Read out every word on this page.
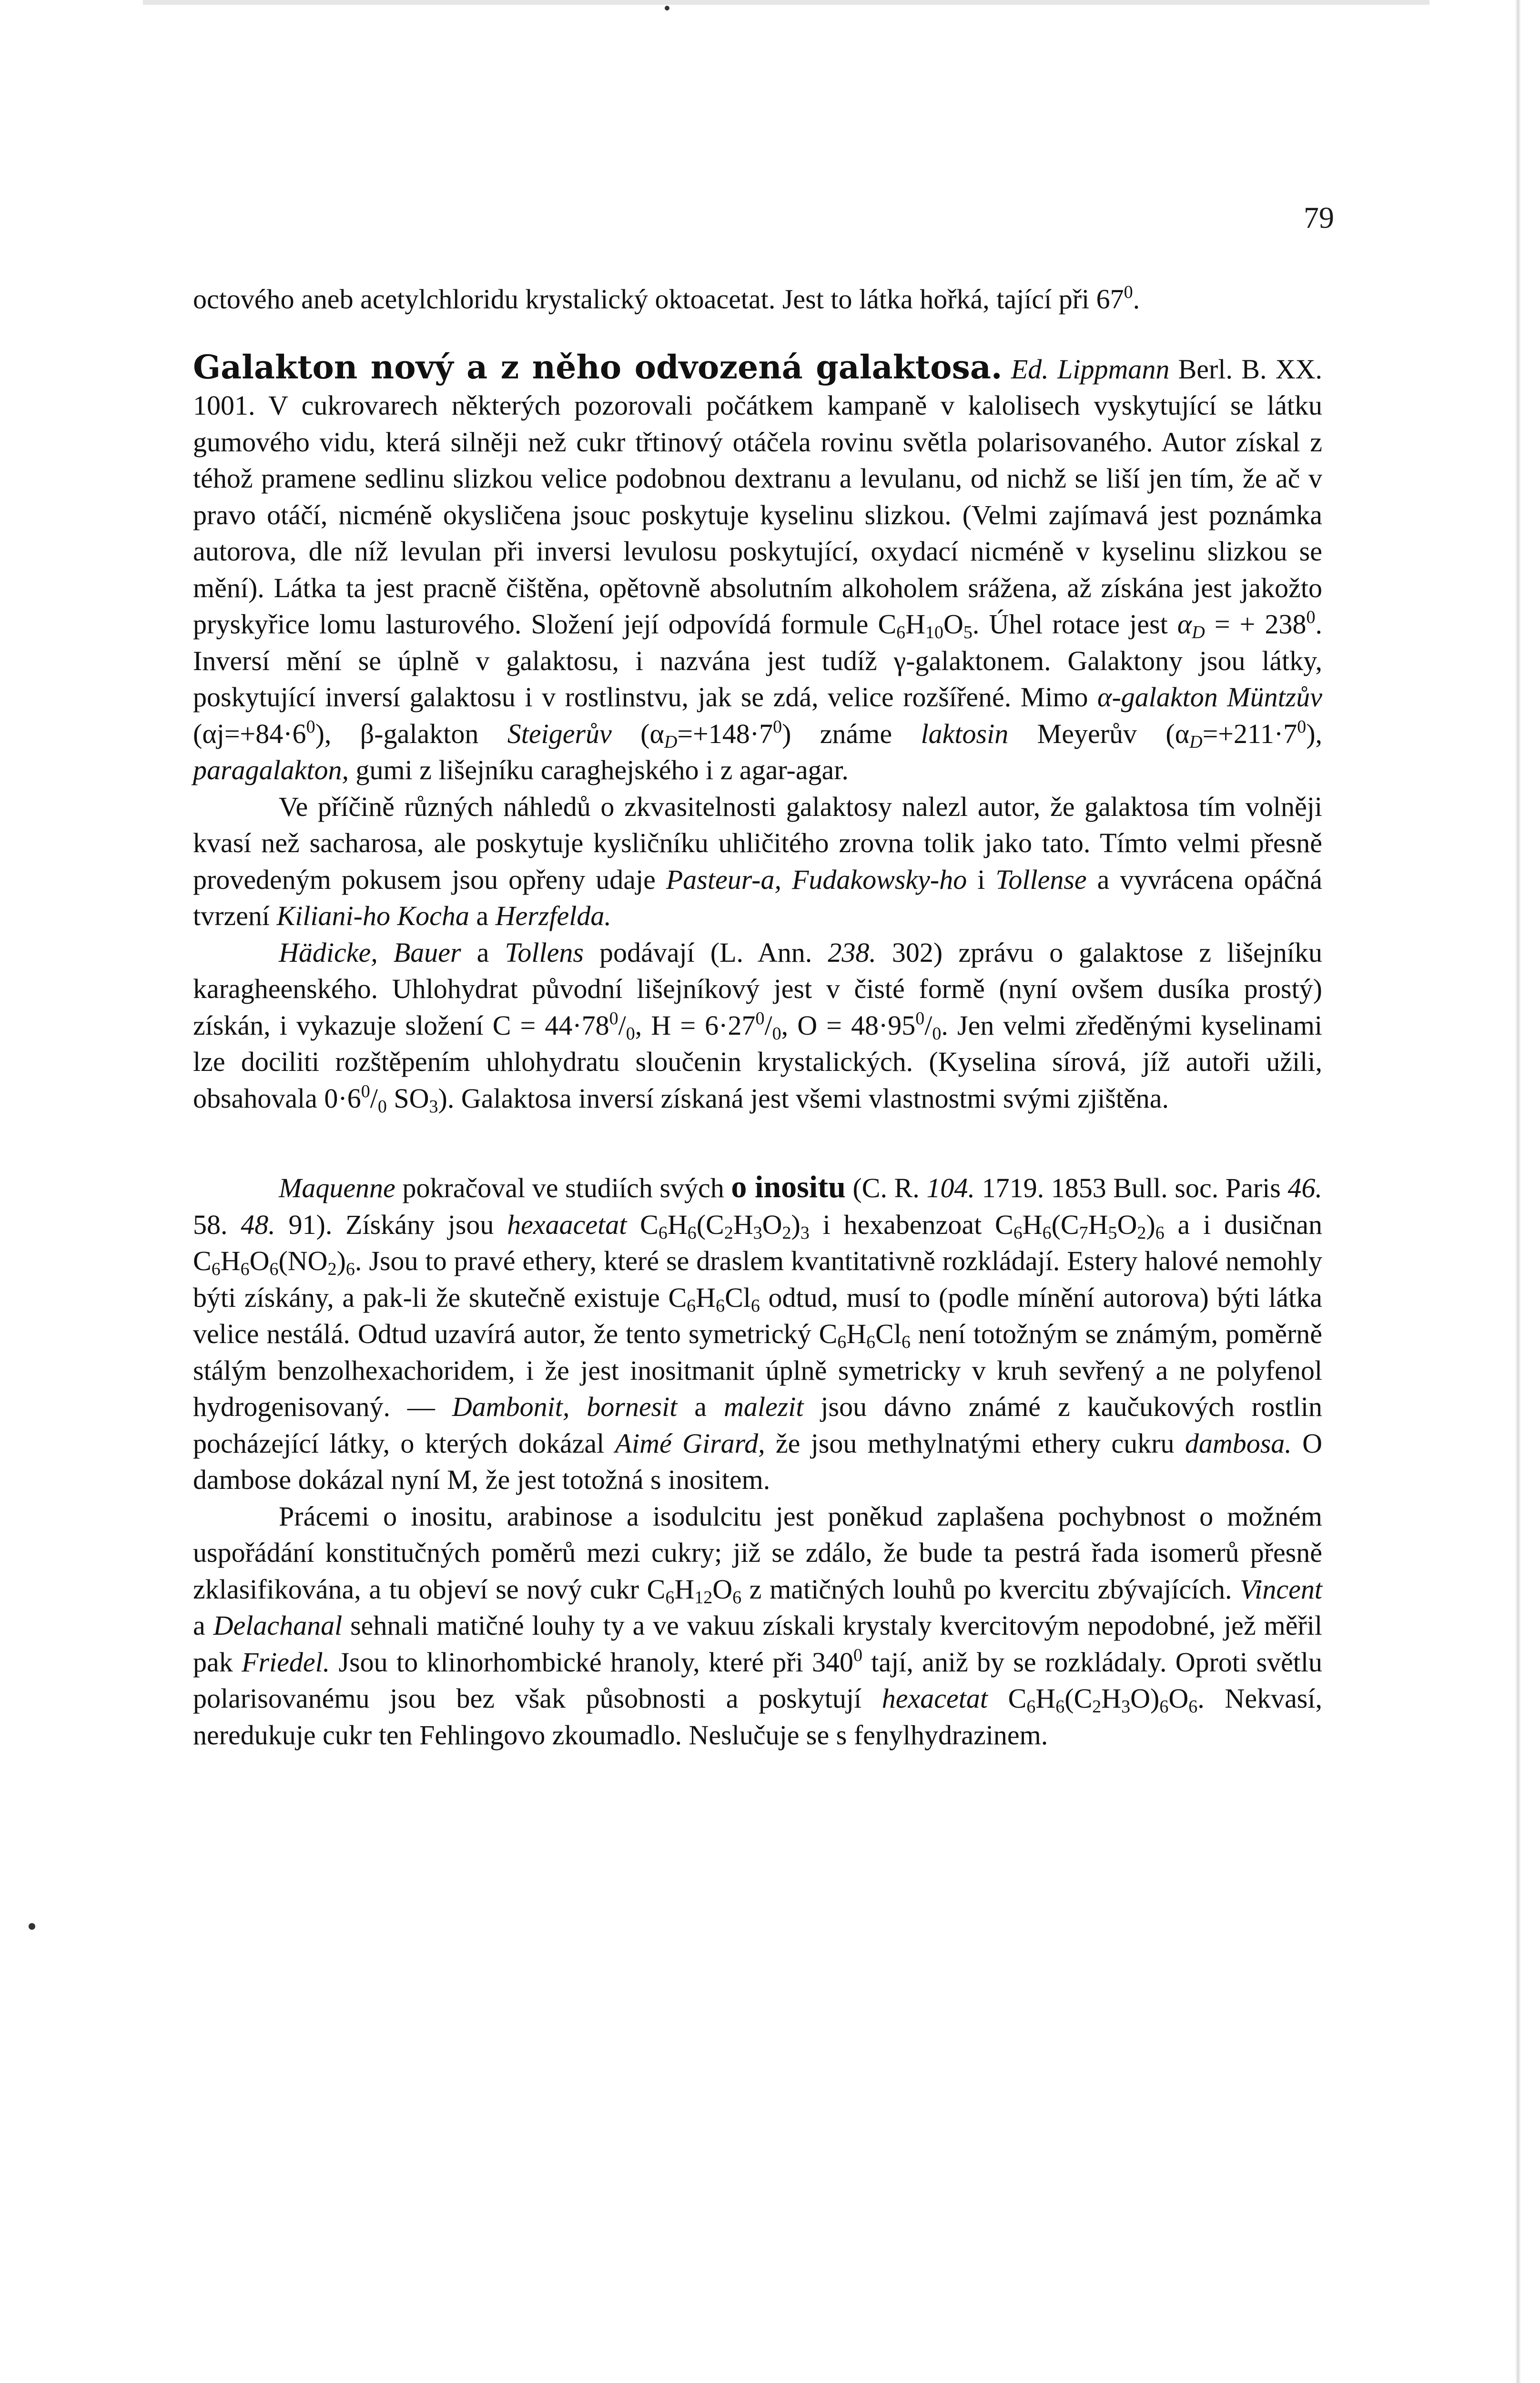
79

octového aneb acetylchloridu krystalický oktoacetat. Jest to látka hořká, tající při $67^0$.

Galakton nový a z něho odvozená galaktosa. Ed. Lippmann Berl. B. XX. 1001. V cukrovarech některých pozorovali počátkem kampaně v kalolisech vyskytující se látku gumového vidu, která silněji než cukr třtinový otáčela rovinu světla polarisovaného. Autor získal z téhož pramene sedlinu slizkou velice podobnou dextranu a levulanu, od nichž se liší jen tím, že ač v pravo otáčí, nicméně okysličena jsouc poskytuje kyselinu slizkou. (Velmi zajímavá jest poznámka autorova, dle níž levulan při inversi levulosu poskytující, oxydací nicméně v kyselinu slizkou se mění). Látka ta jest pracně čištěna, opětovně absolutním alkoholem srážena, až získána jest jakožto pryskyřice lomu lasturového. Složení její odpovídá formule $C_6H_{10}O_5$. Úhel rotace jest $\alpha_D$ = + $238^0$. Inversí mění se úplně v galaktosu, i nazvána jest tudíž γ-galaktonem. Galaktony jsou látky, poskytující inversí galaktosu i v rostlinstvu, jak se zdá, velice rozšířené. Mimo α-galakton Müntzův $(\alpha j=+84\cdot 6^0)$, β-galakton Steigerův $(\alpha_D=+148\cdot 7^0)$ známe laktosin Meyerův $(\alpha_D=+211\cdot 7^0)$, paragalakton, gumi z lišejníku caraghejského i z agar-agar.

Ve příčině různých náhledů o zkvasitelnosti galaktosy nalezl autor, že galaktosa tím volněji kvasí než sacharosa, ale poskytuje kysličníku uhličitého zrovna tolik jako tato. Tímto velmi přesně provedeným pokusem jsou opřeny udaje Pasteur-a, Fudakowsky-ho i Tollense a vyvrácena opáčná tvrzení Kiliani-ho Kocha a Herzfelda.

Hädicke, Bauer a Tollens podávají (L. Ann. 238. 302) zprávu o galaktose z lišejníku karagheenského. Uhlohydrat původní lišejníkový jest v čisté formě (nyní ovšem dusíka prostý) získán, i vykazuje složení $C = 44\cdot 78^0/_0$, $H = 6\cdot 27^0/_0$, $O = 48\cdot 95^0/_0$. Jen velmi zředěnými kyselinami lze dociliti rozštěpením uhlohydratu sloučenin krystalických. (Kyselina sírová, jíž autoři užili, obsahovala $0\cdot 6^0/_0$ $SO_3$). Galaktosa inversí získaná jest všemi vlastnostmi svými zjištěna.

Maquenne pokračoval ve studiích svých o inositu (C. R. 104. 1719. 1853 Bull. soc. Paris 46. 58. 48. 91). Získány jsou hexaacetat $C_6H_6(C_2H_3O_2)_3$ i hexabenzoat $C_6H_6(C_7H_5O_2)_6$ a i dusičnan $C_6H_6O_6(NO_2)_6$. Jsou to pravé ethery, které se draslem kvantitativně rozkládají. Estery halové nemohly býti získány, a pak-li že skutečně existuje $C_6H_6Cl_6$ odtud, musí to (podle mínění autorova) býti látka velice nestálá. Odtud uzavírá autor, že tento symetrický $C_6H_6Cl_6$ není totožným se známým, poměrně stálým benzolhexachoridem, i že jest inositmanit úplně symetricky v kruh sevřený a ne polyfenol hydrogenisovaný. — Dambonit, bornesit a malezit jsou dávno známé z kaučukových rostlin pocházející látky, o kterých dokázal Aimé Girard, že jsou methylnatými ethery cukru dambosa. O dambose dokázal nyní M, že jest totožná s inositem.

Prácemi o inositu, arabinose a isodulcitu jest poněkud zaplašena pochybnost o možném uspořádání konstitučných poměrů mezi cukry; již se zdálo, že bude ta pestrá řada isomerů přesně zklasifikována, a tu objeví se nový cukr $C_6H_{12}O_6$ z matičných louhů po kvercitu zbývajících. Vincent a Delachanal sehnali matičné louhy ty a ve vakuu získali krystaly kvercitovým nepodobné, jež měřil pak Friedel. Jsou to klinorhombické hranoly, které při $340^0$ tají, aniž by se rozkládaly. Oproti světlu polarisovanému jsou bez však působnosti a poskytují hexacetat $C_6H_6(C_2H_3O)_6O_6$. Nekvasí, neredukuje cukr ten Fehlingovo zkoumadlo. Neslučuje se s fenylhydrazinem.
